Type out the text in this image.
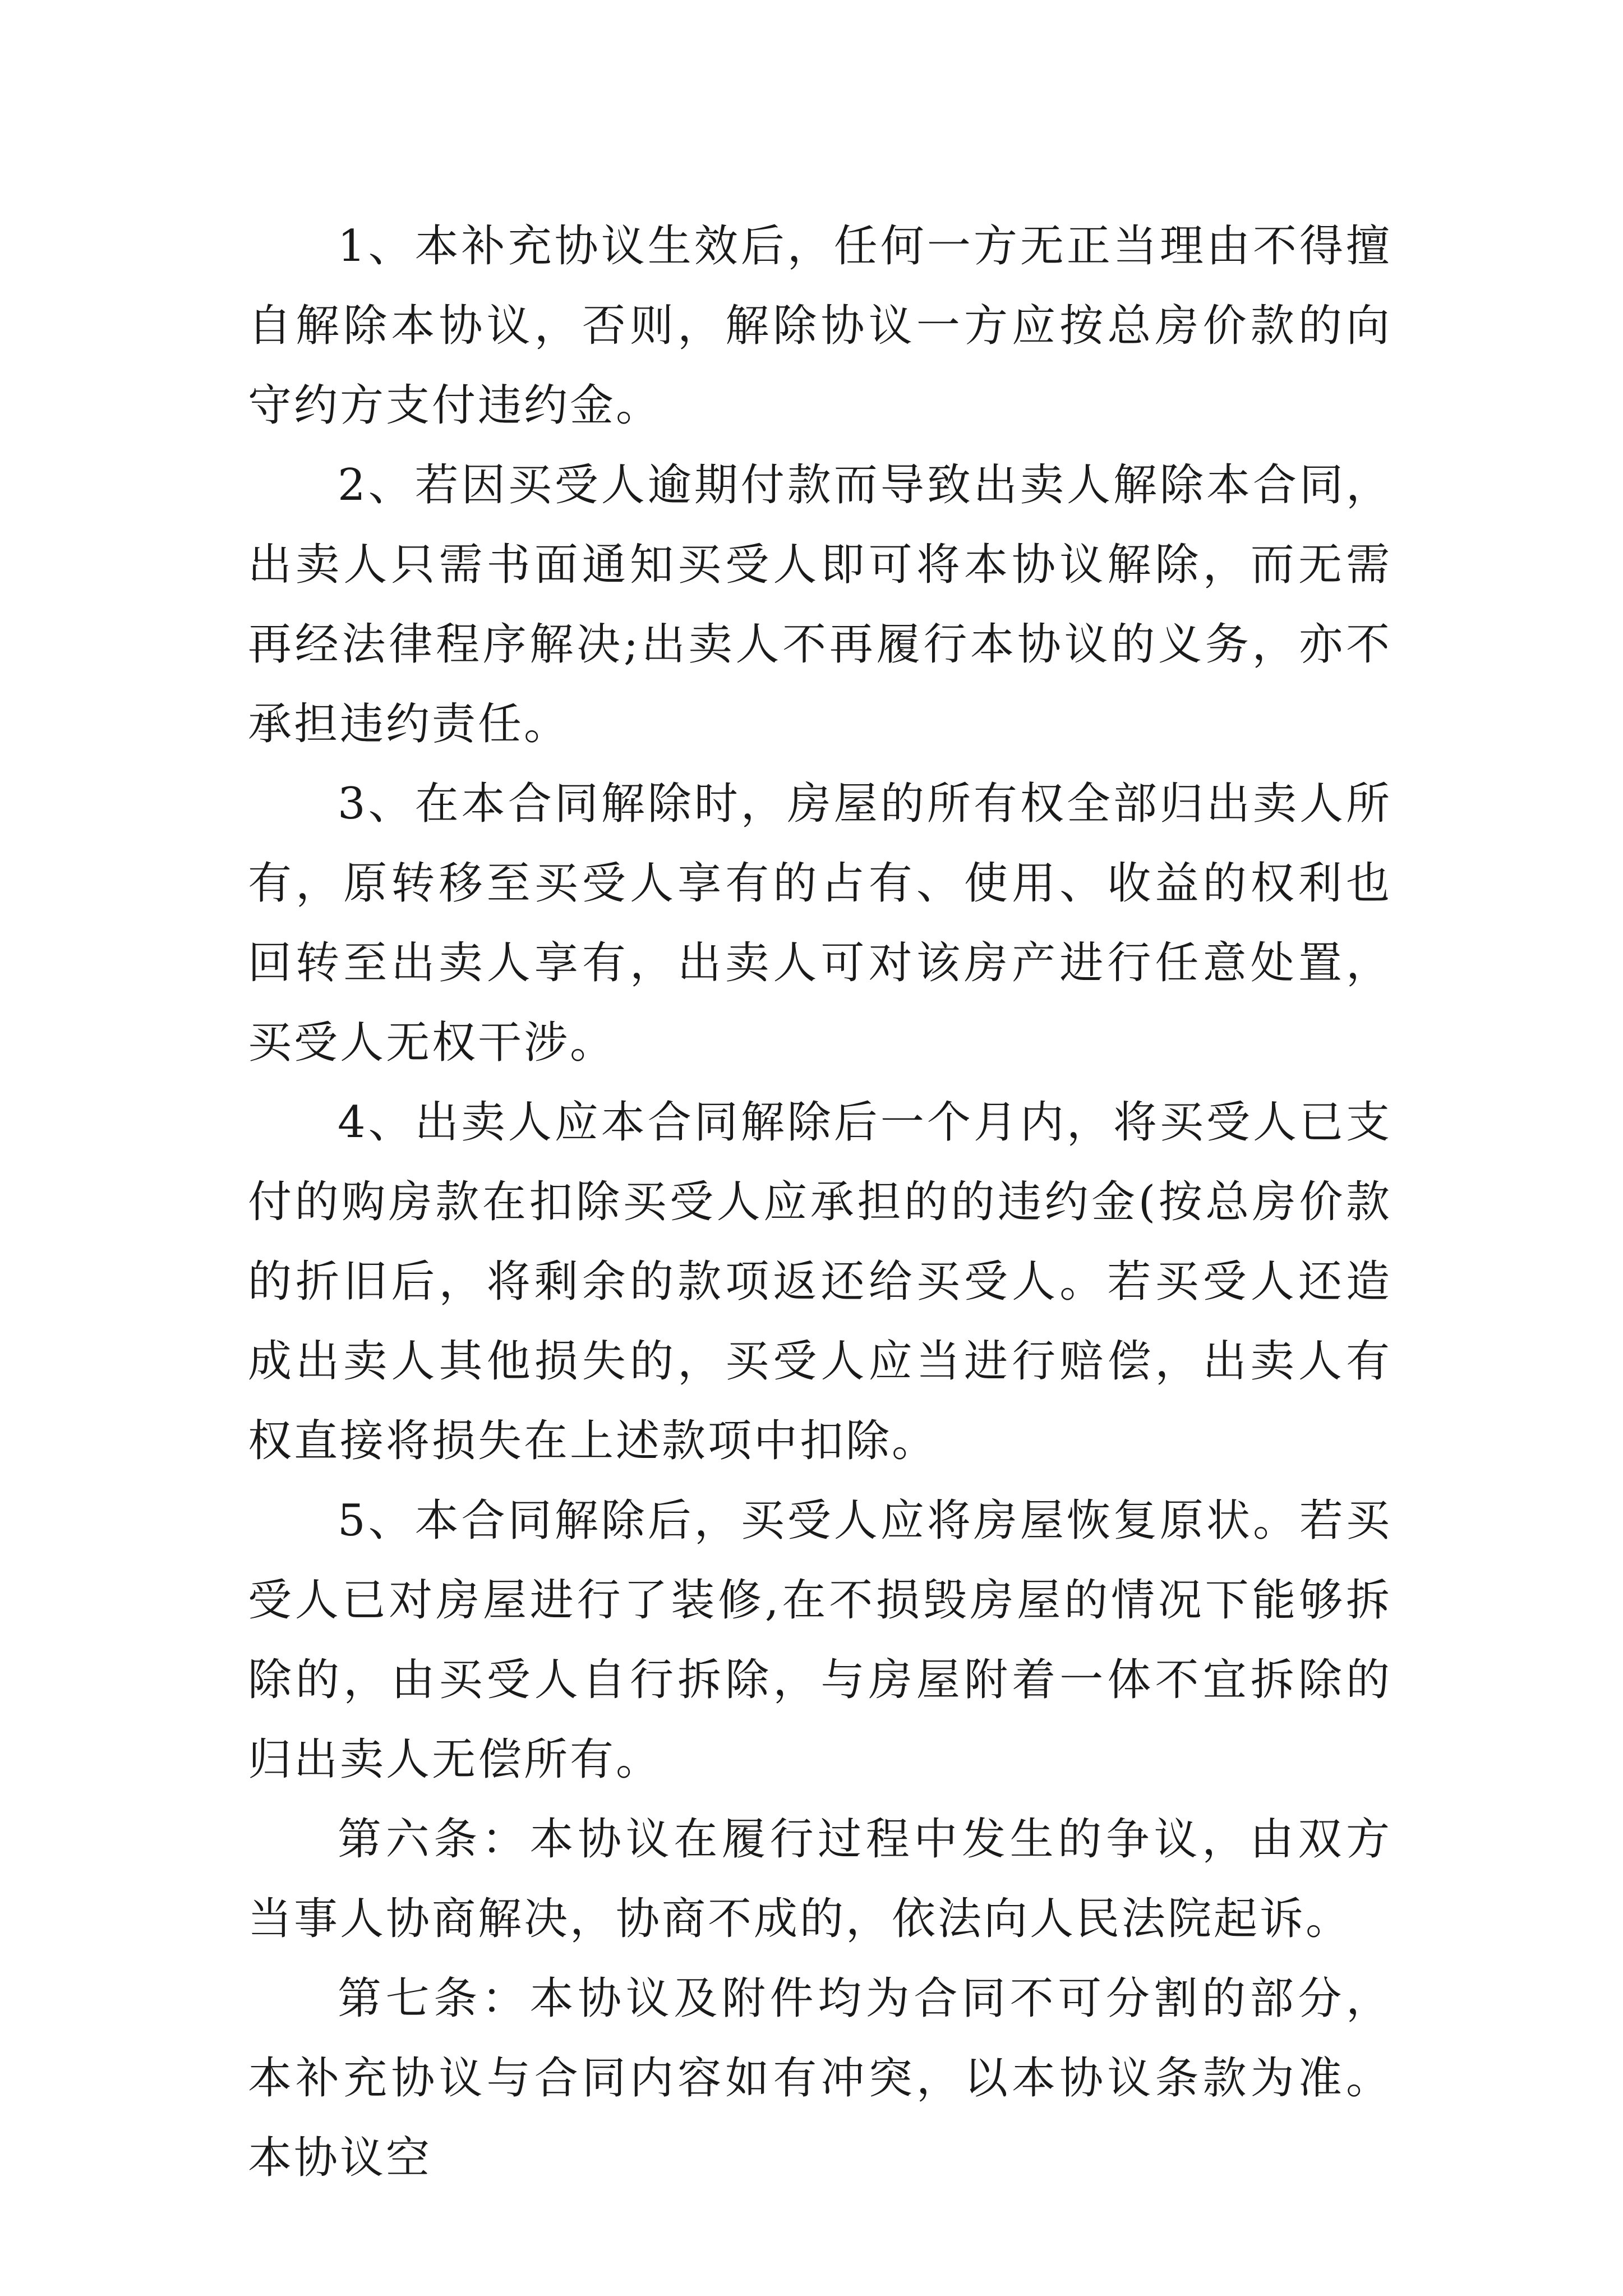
1、本补充协议生效后，任何一方无正当理由不得擅自解除本协议，否则，解除协议一方应按总房价款的向守约方支付违约金。

2、若因买受人逾期付款而导致出卖人解除本合同，出卖人只需书面通知买受人即可将本协议解除，而无需再经法律程序解决;出卖人不再履行本协议的义务，亦不承担违约责任。

3、在本合同解除时，房屋的所有权全部归出卖人所有，原转移至买受人享有的占有、使用、收益的权利也回转至出卖人享有，出卖人可对该房产进行任意处置，买受人无权干涉。

4、出卖人应本合同解除后一个月内，将买受人已支付的购房款在扣除买受人应承担的的违约金(按总房价款的折旧后，将剩余的款项返还给买受人。若买受人还造成出卖人其他损失的，买受人应当进行赔偿，出卖人有权直接将损失在上述款项中扣除。

5、本合同解除后，买受人应将房屋恢复原状。若买受人已对房屋进行了装修,在不损毁房屋的情况下能够拆除的，由买受人自行拆除，与房屋附着一体不宜拆除的归出卖人无偿所有。

第六条：本协议在履行过程中发生的争议，由双方当事人协商解决，协商不成的，依法向人民法院起诉。

第七条：本协议及附件均为合同不可分割的部分，本补充协议与合同内容如有冲突，以本协议条款为准。本协议空
